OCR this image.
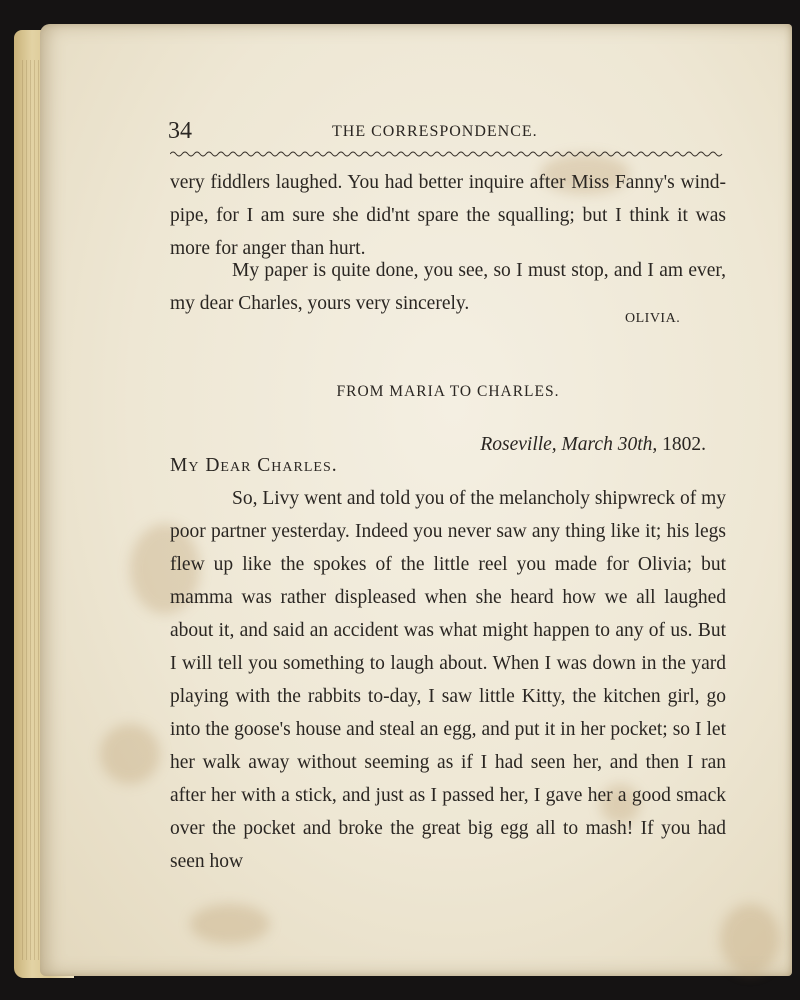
34	THE CORRESPONDENCE.
very fiddlers laughed. You had better inquire after Miss Fanny's wind-pipe, for I am sure she did'nt spare the squalling; but I think it was more for anger than hurt.
My paper is quite done, you see, so I must stop, and I am ever, my dear Charles, yours very sincerely.
OLIVIA.
FROM MARIA TO CHARLES.
Roseville, March 30th, 1802.
My Dear Charles.
So, Livy went and told you of the melancholy shipwreck of my poor partner yesterday. Indeed you never saw any thing like it; his legs flew up like the spokes of the little reel you made for Olivia; but mamma was rather displeased when she heard how we all laughed about it, and said an accident was what might happen to any of us. But I will tell you something to laugh about. When I was down in the yard playing with the rabbits to-day, I saw little Kitty, the kitchen girl, go into the goose's house and steal an egg, and put it in her pocket; so I let her walk away without seeming as if I had seen her, and then I ran after her with a stick, and just as I passed her, I gave her a good smack over the pocket and broke the great big egg all to mash! If you had seen how
